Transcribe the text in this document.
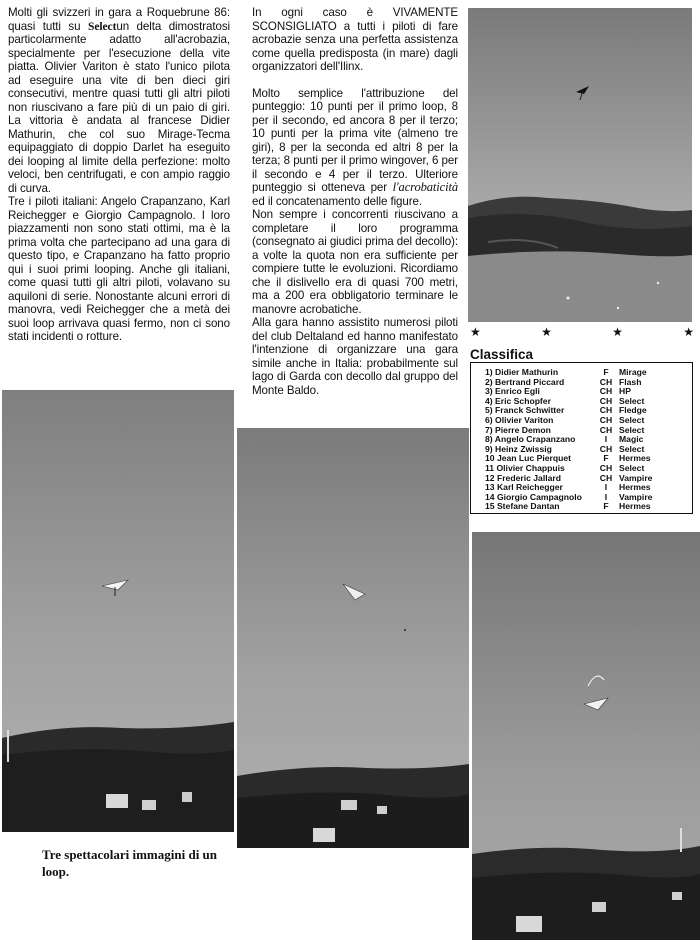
Molti gli svizzeri in gara a Roquebrune 86: quasi tutti su Selectun delta dimostratosi particolarmente adatto all'acrobazia, specialmente per l'esecuzione della vite piatta. Olivier Variton è stato l'unico pilota ad eseguire una vite di ben dieci giri consecutivi, mentre quasi tutti gli altri piloti non riuscivano a fare più di un paio di giri. La vittoria è andata al francese Didier Mathurin, che col suo Mirage-Tecma equipaggiato di doppio Darlet ha eseguito dei looping al limite della perfezione: molto veloci, ben centrifugati, e con ampio raggio di curva.

Tre i piloti italiani: Angelo Crapanzano, Karl Reichegger e Giorgio Campagnolo. I loro piazzamenti non sono stati ottimi, ma è la prima volta che partecipano ad una gara di questo tipo, e Crapanzano ha fatto proprio qui i suoi primi looping. Anche gli italiani, come quasi tutti gli altri piloti, volavano su aquiloni di serie. Nonostante alcuni errori di manovra, vedi Reichegger che a metà dei suoi loop arrivava quasi fermo, non ci sono stati incidenti o rotture.

In ogni caso è VIVAMENTE SCONSIGLIATO a tutti i piloti di fare acrobazie senza una perfetta assistenza come quella predisposta (in mare) dagli organizzatori dell'Ilinx.

Molto semplice l'attribuzione del punteggio: 10 punti per il primo loop, 8 per il secondo, ed ancora 8 per il terzo; 10 punti per la prima vite (almeno tre giri), 8 per la seconda ed altri 8 per la terza; 8 punti per il primo wingover, 6 per il secondo e 4 per il terzo. Ulteriore punteggio si otteneva per l'acrobaticità ed il concatenamento delle figure.

Non sempre i concorrenti riuscivano a completare il loro programma (consegnato ai giudici prima del decollo): a volte la quota non era sufficiente per compiere tutte le evoluzioni. Ricordiamo che il dislivello era di quasi 700 metri, ma a 200 era obbligatorio terminare le manovre acrobatiche.

Alla gara hanno assistito numerosi piloti del club Deltaland ed hanno manifestato l'intenzione di organizzare una gara simile anche in Italia: probabilmente sul lago di Garda con decollo dal gruppo del Monte Baldo.

★	★	★	★
Classifica
1) Didier Mathurin	F	Mirage
2) Bertrand Piccard	CH	Flash
3) Enrico Egli	CH	HP
4) Eric Schopfer	CH	Select
5) Franck Schwitter	CH	Fledge
6) Olivier Variton	CH	Select
7) Pierre Demon	CH	Select
8) Angelo Crapanzano	I	Magic
9) Heinz Zwissig	CH	Select
10 Jean Luc Pierquet	F	Hermes
11 Olivier Chappuis	CH	Select
12 Frederic Jallard	CH	Vampire
13 Karl Reichegger	I	Hermes
14 Giorgio Campagnolo	I	Vampire
15 Stefane Dantan	F	Hermes
Tre spettacolari immagini di un loop.
